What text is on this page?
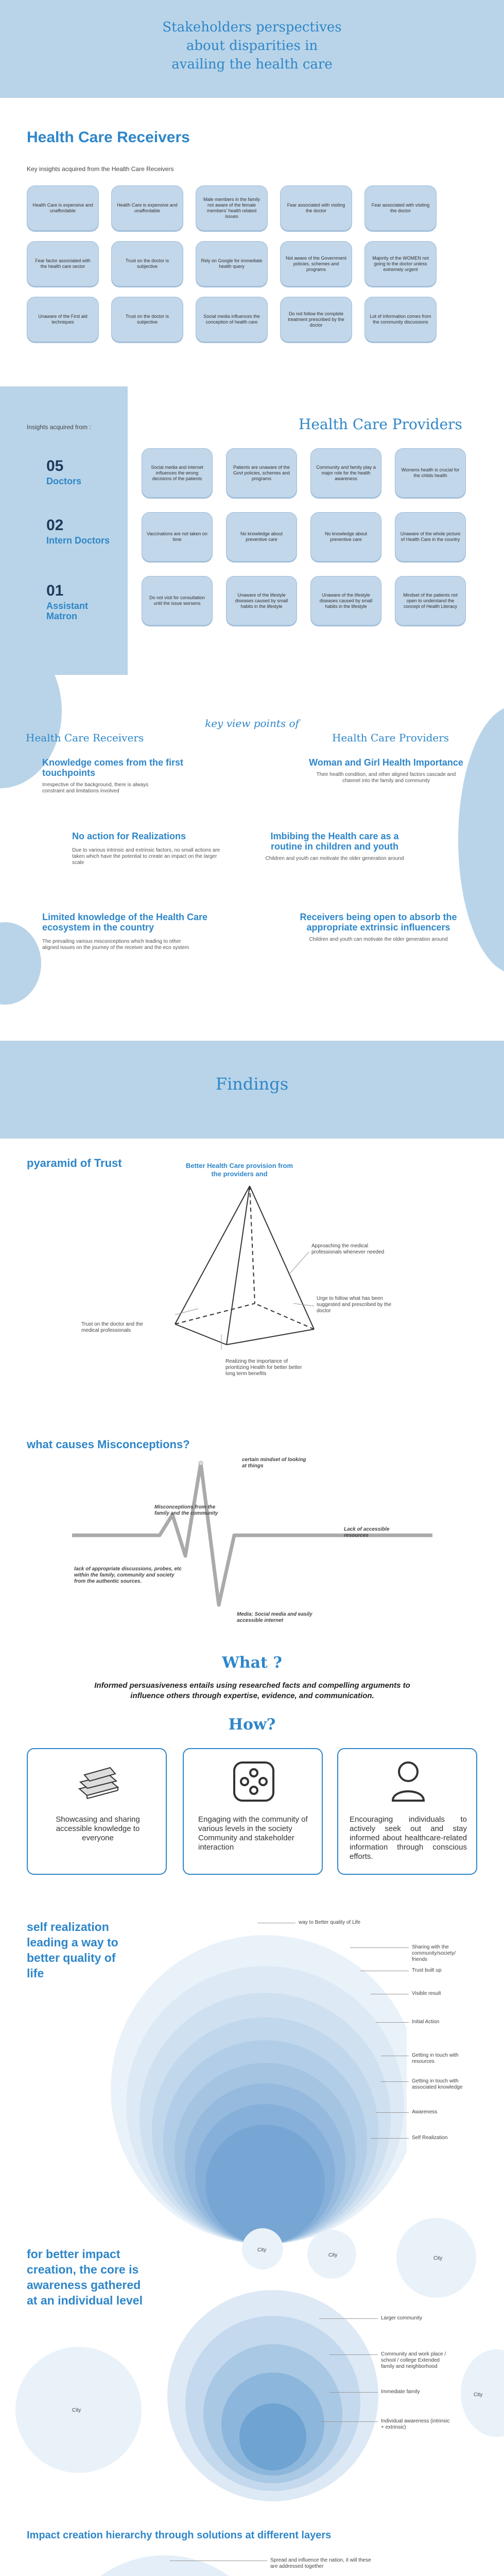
Stakeholders perspectives
about disparities in
availing the health care
Health Care Receivers
Key insights acquired from the Health Care Receivers
Health Care is expensive and unaffordable
Health Care is expensive and unaffordable
Male members in the family not aware of the female members' health related issues
Fear associated with visiting the doctor
Fear associated with visiting the doctor
Fear factor associated with the health care sector
Trust on the doctor is subjective
Rely on Google for immediate health query
Not aware of the Government policies, schemes and programs
Majority of the WOMEN not going to the doctor unless extremely urgent
Unaware of the First aid techniques
Trust on the doctor is subjective
Social media influences the conception of health care
Do not follow the complete treatment prescribed by the doctor
Lot of information comes from the community discussions
Insights acquired from :
05
Doctors
02
Intern Doctors
01
Assistant Matron
Health Care Providers
Social media and internet influences the wrong decisions of the patients
Patients are unaware of the Govt policies, schemes and programs
Community and family play a major role for the health awareness
Womens health is crucial for the childs health
Vaccinations are not taken on time
No knowledge about preventive care
No knowledge about preventive care
Unaware of the whole picture of Health Care in the country
Do not visit for consultation until the issue worsens
Unaware of the lifestyle diseases caused by small habits in the lifestyle
Unaware of the lifestyle diseases caused by small habits in the lifestyle
Mindset of the patients not open to understand the concept of Health Literacy
key view points of
Health Care Receivers	Health Care Providers
Knowledge comes from the first touchpoints
Irrespective of the background, there is always constraint and limitations involved
No action for Realizations
Due to various intrinsic and extrinsic factors, no small actions are taken which have the potential to create an impact on the larger scale
Limited knowledge of the Health Care ecosystem in the country
The prevailing various misconceptions which leading to other aligned issues on the journey of the receiver and the eco system
Woman and Girl Health Importance
Their health condition, and other aligned factors cascade and channel into the family and community
Imbibing the Health care as a routine in children and youth
Children and youth can motivate the older generation around
Receivers being open to absorb the appropriate extrinsic influencers
Children and youth can motivate the older generation around
Findings
pyaramid of Trust	Better Health Care provision from the providers and
Approaching the medical professionals whenever needed
Urge to follow what has been suggested and prescribed by the doctor
Trust on the doctor and the medical professionals
Realizing the importance of prioritizing Health for better better long term benefits
what causes Misconceptions?
certain mindset of looking at things
Misconceptions from the family and the community
Lack of accessible resources
lack of appropriate discussions, probes, etc within the family, community and society from the authentic sources.
Media; Social media and easily accessible internet
What ?
Informed persuasiveness entails using researched facts and compelling arguments to influence others through expertise, evidence, and communication.
How?
Showcasing and sharing accessible knowledge to everyone
Engaging with the community of various levels in the society Community and stakeholder interaction
Encouraging individuals to actively seek out and stay informed about healthcare-related information through conscious efforts.
self realization
leading a way to
better quality of
life
way to Better quality of Life
Sharing with the community/society/ friends
Trust built up
Visible result
Initial Action
Getting in touch with resources
Getting in touch with associated knowledge
Awareness
Self Realization
for better impact
creation, the core is
awareness gathered
at an individual level
City
City
City
City
City
Larger community
Community and work place / school / college Extended family and neighborhood
Immediate family
Individual awareness (intrinsic + extrinsic)
Impact creation hierarchy through solutions at different layers
Spread and influence the nation, it will these are addressed together
